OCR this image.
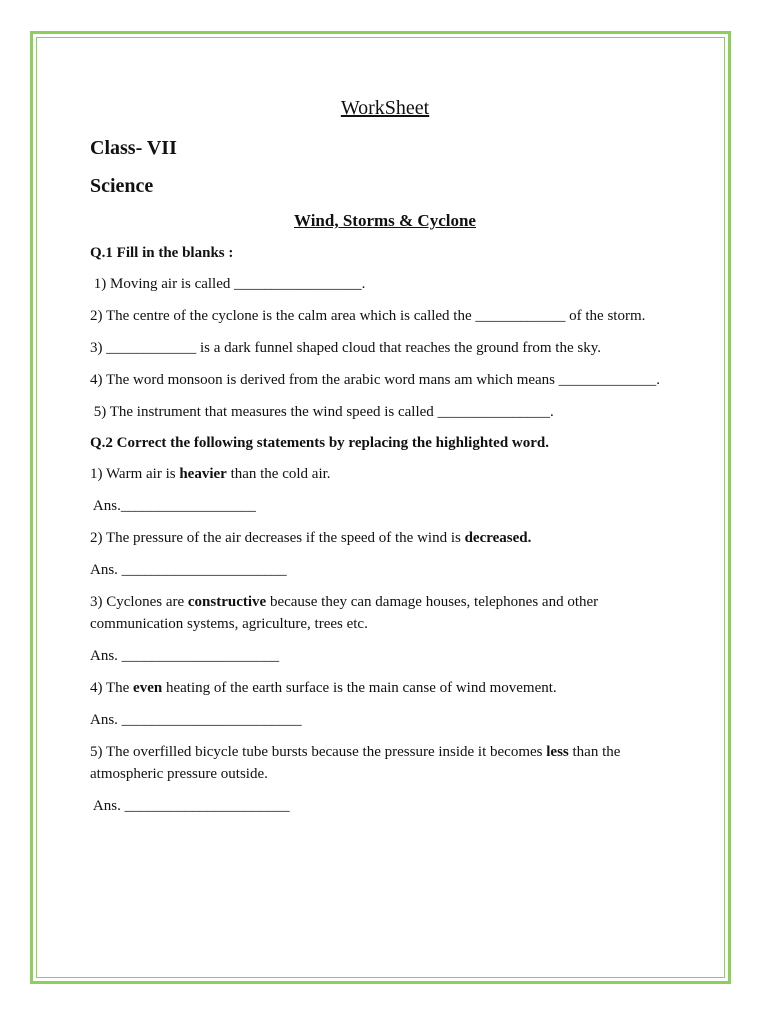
WorkSheet
Class- VII
Science
Wind, Storms & Cyclone
Q.1 Fill in the blanks :
1) Moving air is called _________________.
2) The centre of the cyclone is the calm area which is called the ____________ of the storm.
3) ____________ is a dark funnel shaped cloud that reaches the ground from the sky.
4) The word monsoon is derived from the arabic word mans am which means _____________.
5) The instrument that measures the wind speed is called _______________.
Q.2 Correct the following statements by replacing the highlighted word.
1) Warm air is heavier than the cold air.
Ans.__________________
2) The pressure of the air decreases if the speed of the wind is decreased.
Ans. ______________________
3) Cyclones are constructive because they can damage houses, telephones and other communication systems, agriculture, trees etc.
Ans. _____________________
4) The even heating of the earth surface is the main canse of wind movement.
Ans. ________________________
5) The overfilled bicycle tube bursts because the pressure inside it becomes less than the atmospheric pressure outside.
Ans. ______________________
